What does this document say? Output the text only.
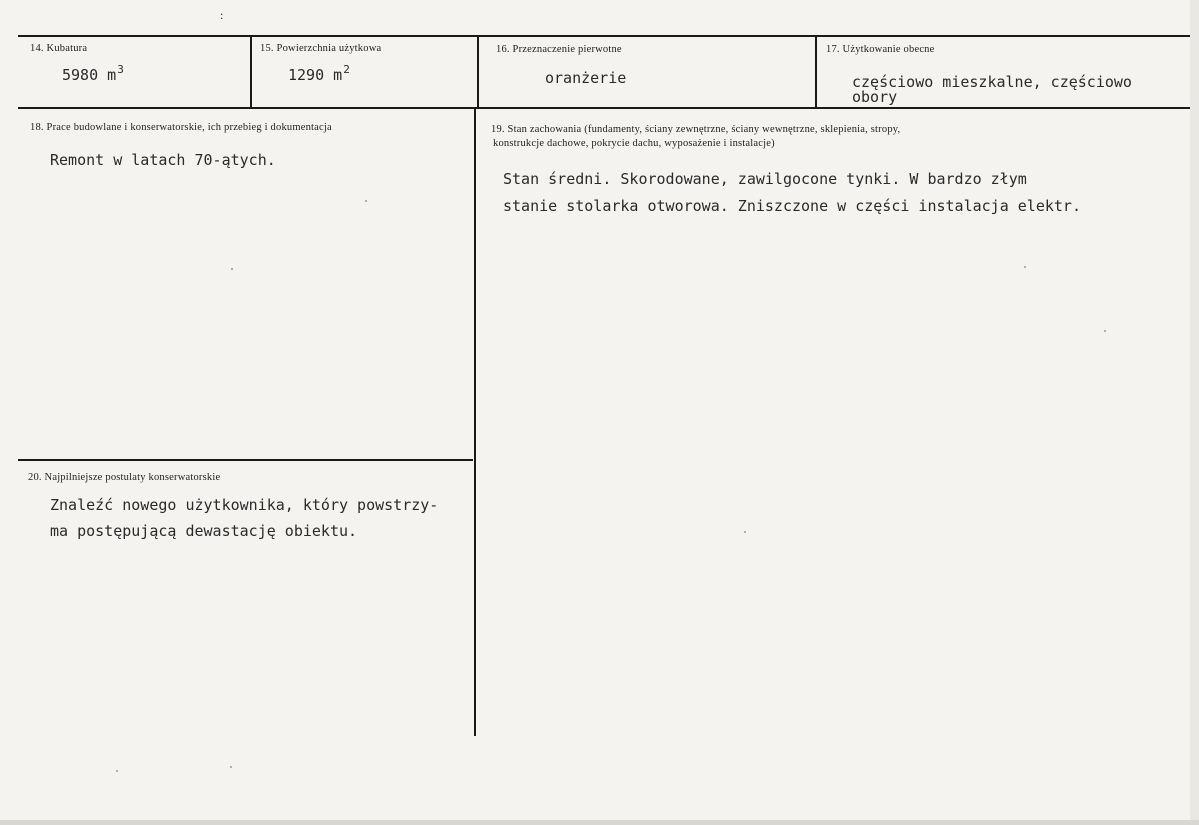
:
14. Kubatura
5980 $m^3$
15. Powierzchnia użytkowa
1290 $m^2$
16. Przeznaczenie pierwotne
oranżerie
17. Użytkowanie obecne
częściowo mieszkalne, częściowo
obory
18. Prace budowlane i konserwatorskie, ich przebieg i dokumentacja
Remont w latach 70-ątych.
19. Stan zachowania (fundamenty, ściany zewnętrzne, ściany wewnętrzne, sklepienia, stropy,
konstrukcje dachowe, pokrycie dachu, wyposażenie i instalacje)
Stan średni. Skorodowane, zawilgocone tynki. W bardzo złym
stanie stolarka otworowa. Zniszczone w części instalacja elektr.
20. Najpilniejsze postulaty konserwatorskie
Znaleźć nowego użytkownika, który powstrzy-
ma postępującą dewastację obiektu.
